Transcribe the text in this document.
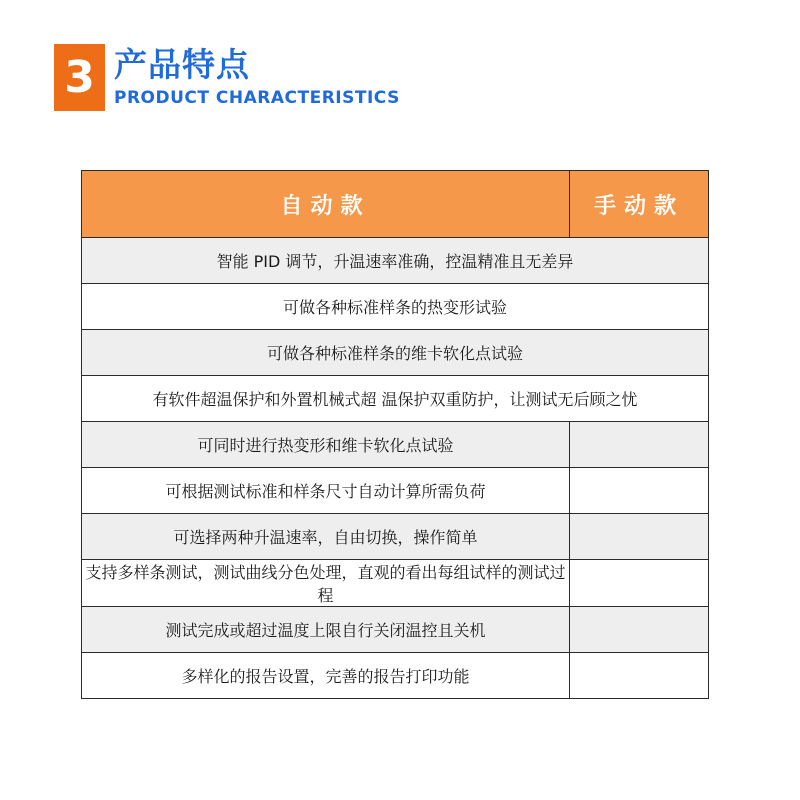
3 产品特点
PRODUCT CHARACTERISTICS
自动款	手动款
智能 PID 调节，升温速率准确，控温精准且无差异	
可做各种标准样条的热变形试验	
可做各种标准样条的维卡软化点试验	
有软件超温保护和外置机械式超 温保护双重防护，让测试无后顾之忧	
可同时进行热变形和维卡软化点试验	
可根据测试标准和样条尺寸自动计算所需负荷	
可选择两种升温速率，自由切换，操作简单	
支持多样条测试，测试曲线分色处理，直观的看出每组试样的测试过程	
测试完成或超过温度上限自行关闭温控且关机	
多样化的报告设置，完善的报告打印功能	
